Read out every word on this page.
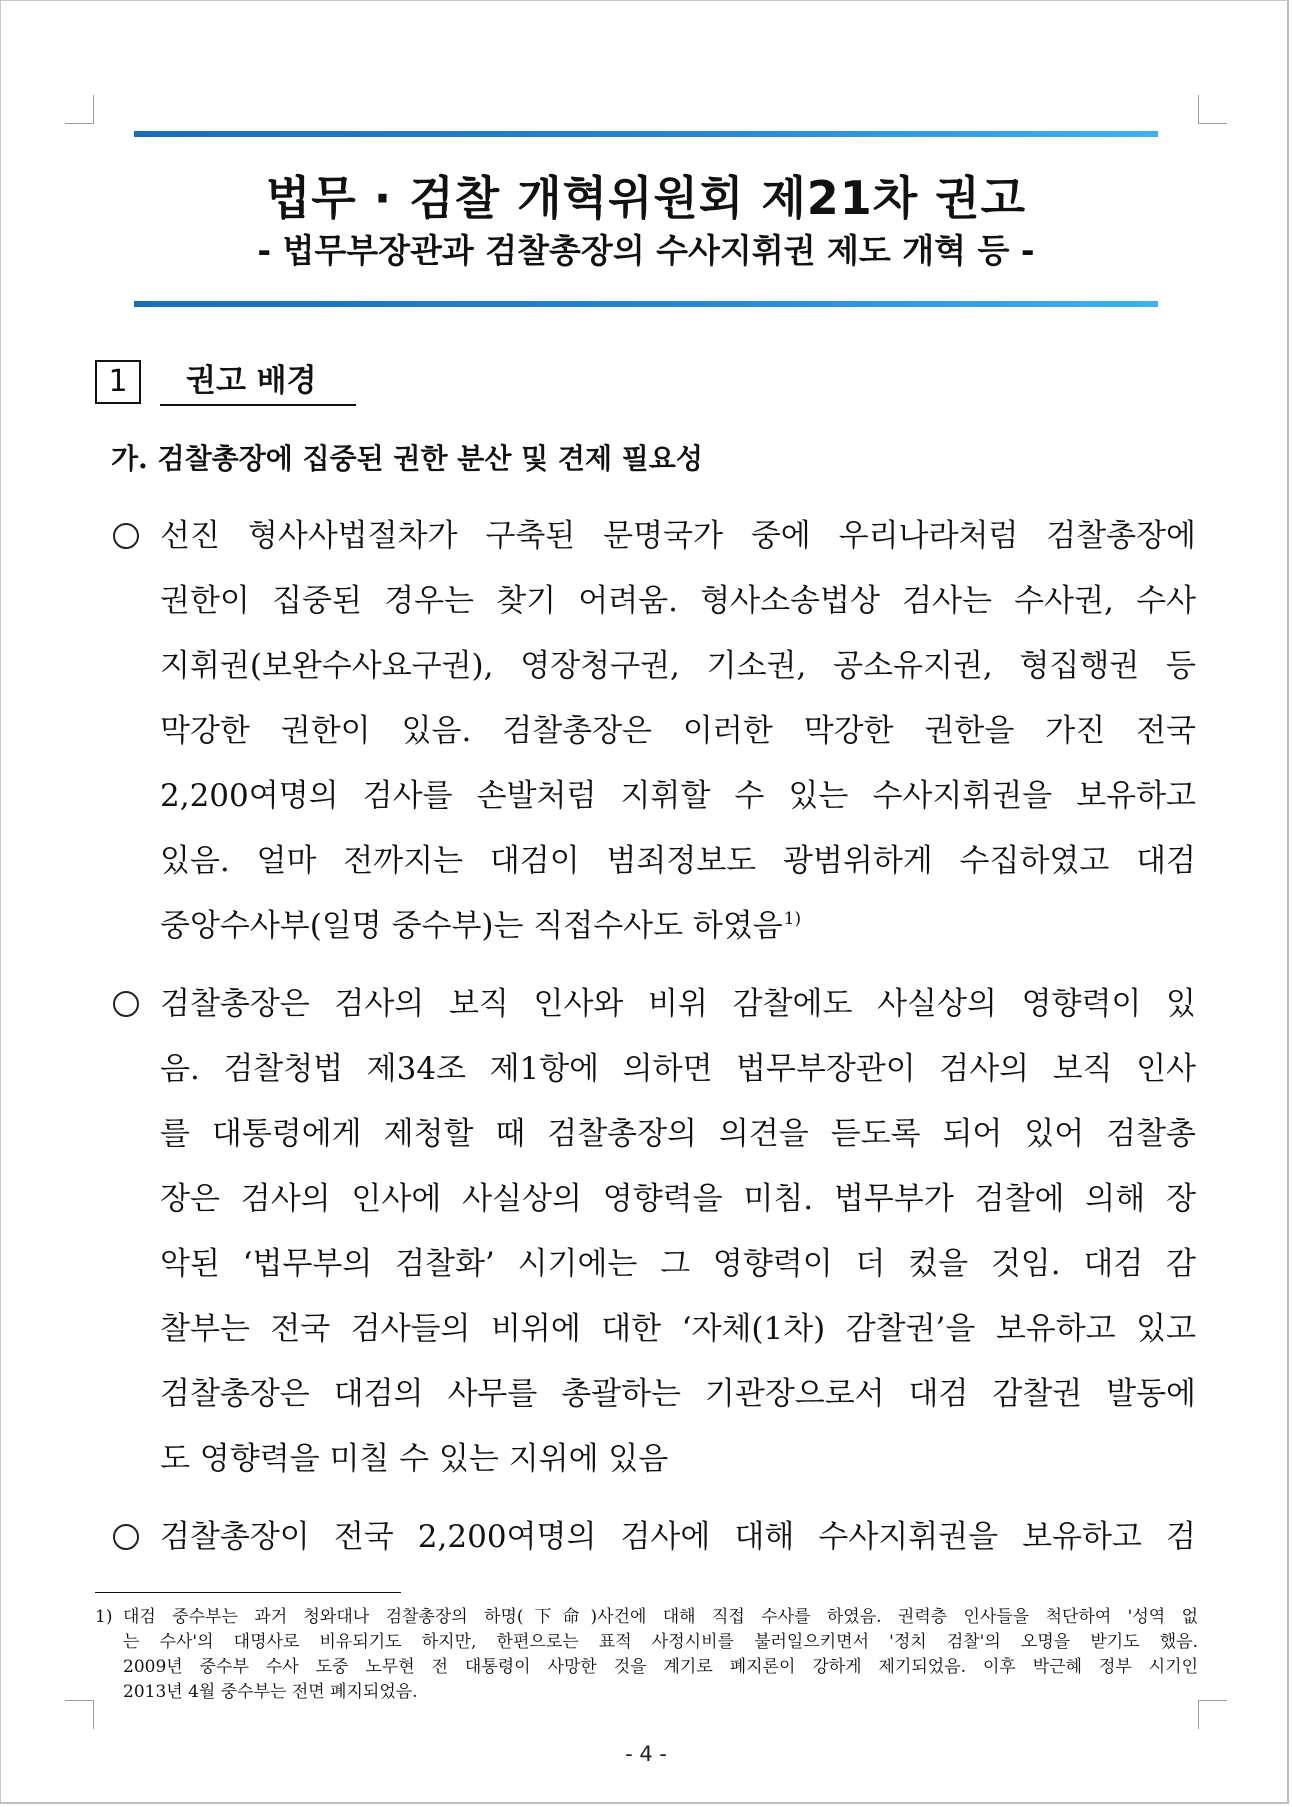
법무 · 검찰 개혁위원회 제21차 권고
- 법무부장관과 검찰총장의 수사지휘권 제도 개혁 등 -
1	권고 배경
가. 검찰총장에 집중된 권한 분산 및 견제 필요성
선진 형사사법절차가 구축된 문명국가 중에 우리나라처럼 검찰총장에
권한이 집중된 경우는 찾기 어려움. 형사소송법상 검사는 수사권, 수사
지휘권(보완수사요구권), 영장청구권, 기소권, 공소유지권, 형집행권 등
막강한 권한이 있음. 검찰총장은 이러한 막강한 권한을 가진 전국
2,200여명의 검사를 손발처럼 지휘할 수 있는 수사지휘권을 보유하고
있음. 얼마 전까지는 대검이 범죄정보도 광범위하게 수집하였고 대검
중앙수사부(일명 중수부)는 직접수사도 하였음$^{1)}$
검찰총장은 검사의 보직 인사와 비위 감찰에도 사실상의 영향력이 있
음. 검찰청법 제34조 제1항에 의하면 법무부장관이 검사의 보직 인사
를 대통령에게 제청할 때 검찰총장의 의견을 듣도록 되어 있어 검찰총
장은 검사의 인사에 사실상의 영향력을 미침. 법무부가 검찰에 의해 장
악된 ‘법무부의 검찰화’ 시기에는 그 영향력이 더 컸을 것임. 대검 감
찰부는 전국 검사들의 비위에 대한 ‘자체(1차) 감찰권’을 보유하고 있고
검찰총장은 대검의 사무를 총괄하는 기관장으로서 대검 감찰권 발동에
도 영향력을 미칠 수 있는 지위에 있음
검찰총장이 전국 2,200여명의 검사에 대해 수사지휘권을 보유하고 검
1) 대검 중수부는 과거 청와대나 검찰총장의 하명(下命)사건에 대해 직접 수사를 하였음. 권력층 인사들을 척단하여 '성역 없
는 수사'의 대명사로 비유되기도 하지만, 한편으로는 표적 사정시비를 불러일으키면서 '정치 검찰'의 오명을 받기도 했음.
2009년 중수부 수사 도중 노무현 전 대통령이 사망한 것을 계기로 폐지론이 강하게 제기되었음. 이후 박근혜 정부 시기인
2013년 4월 중수부는 전면 폐지되었음.
- 4 -
